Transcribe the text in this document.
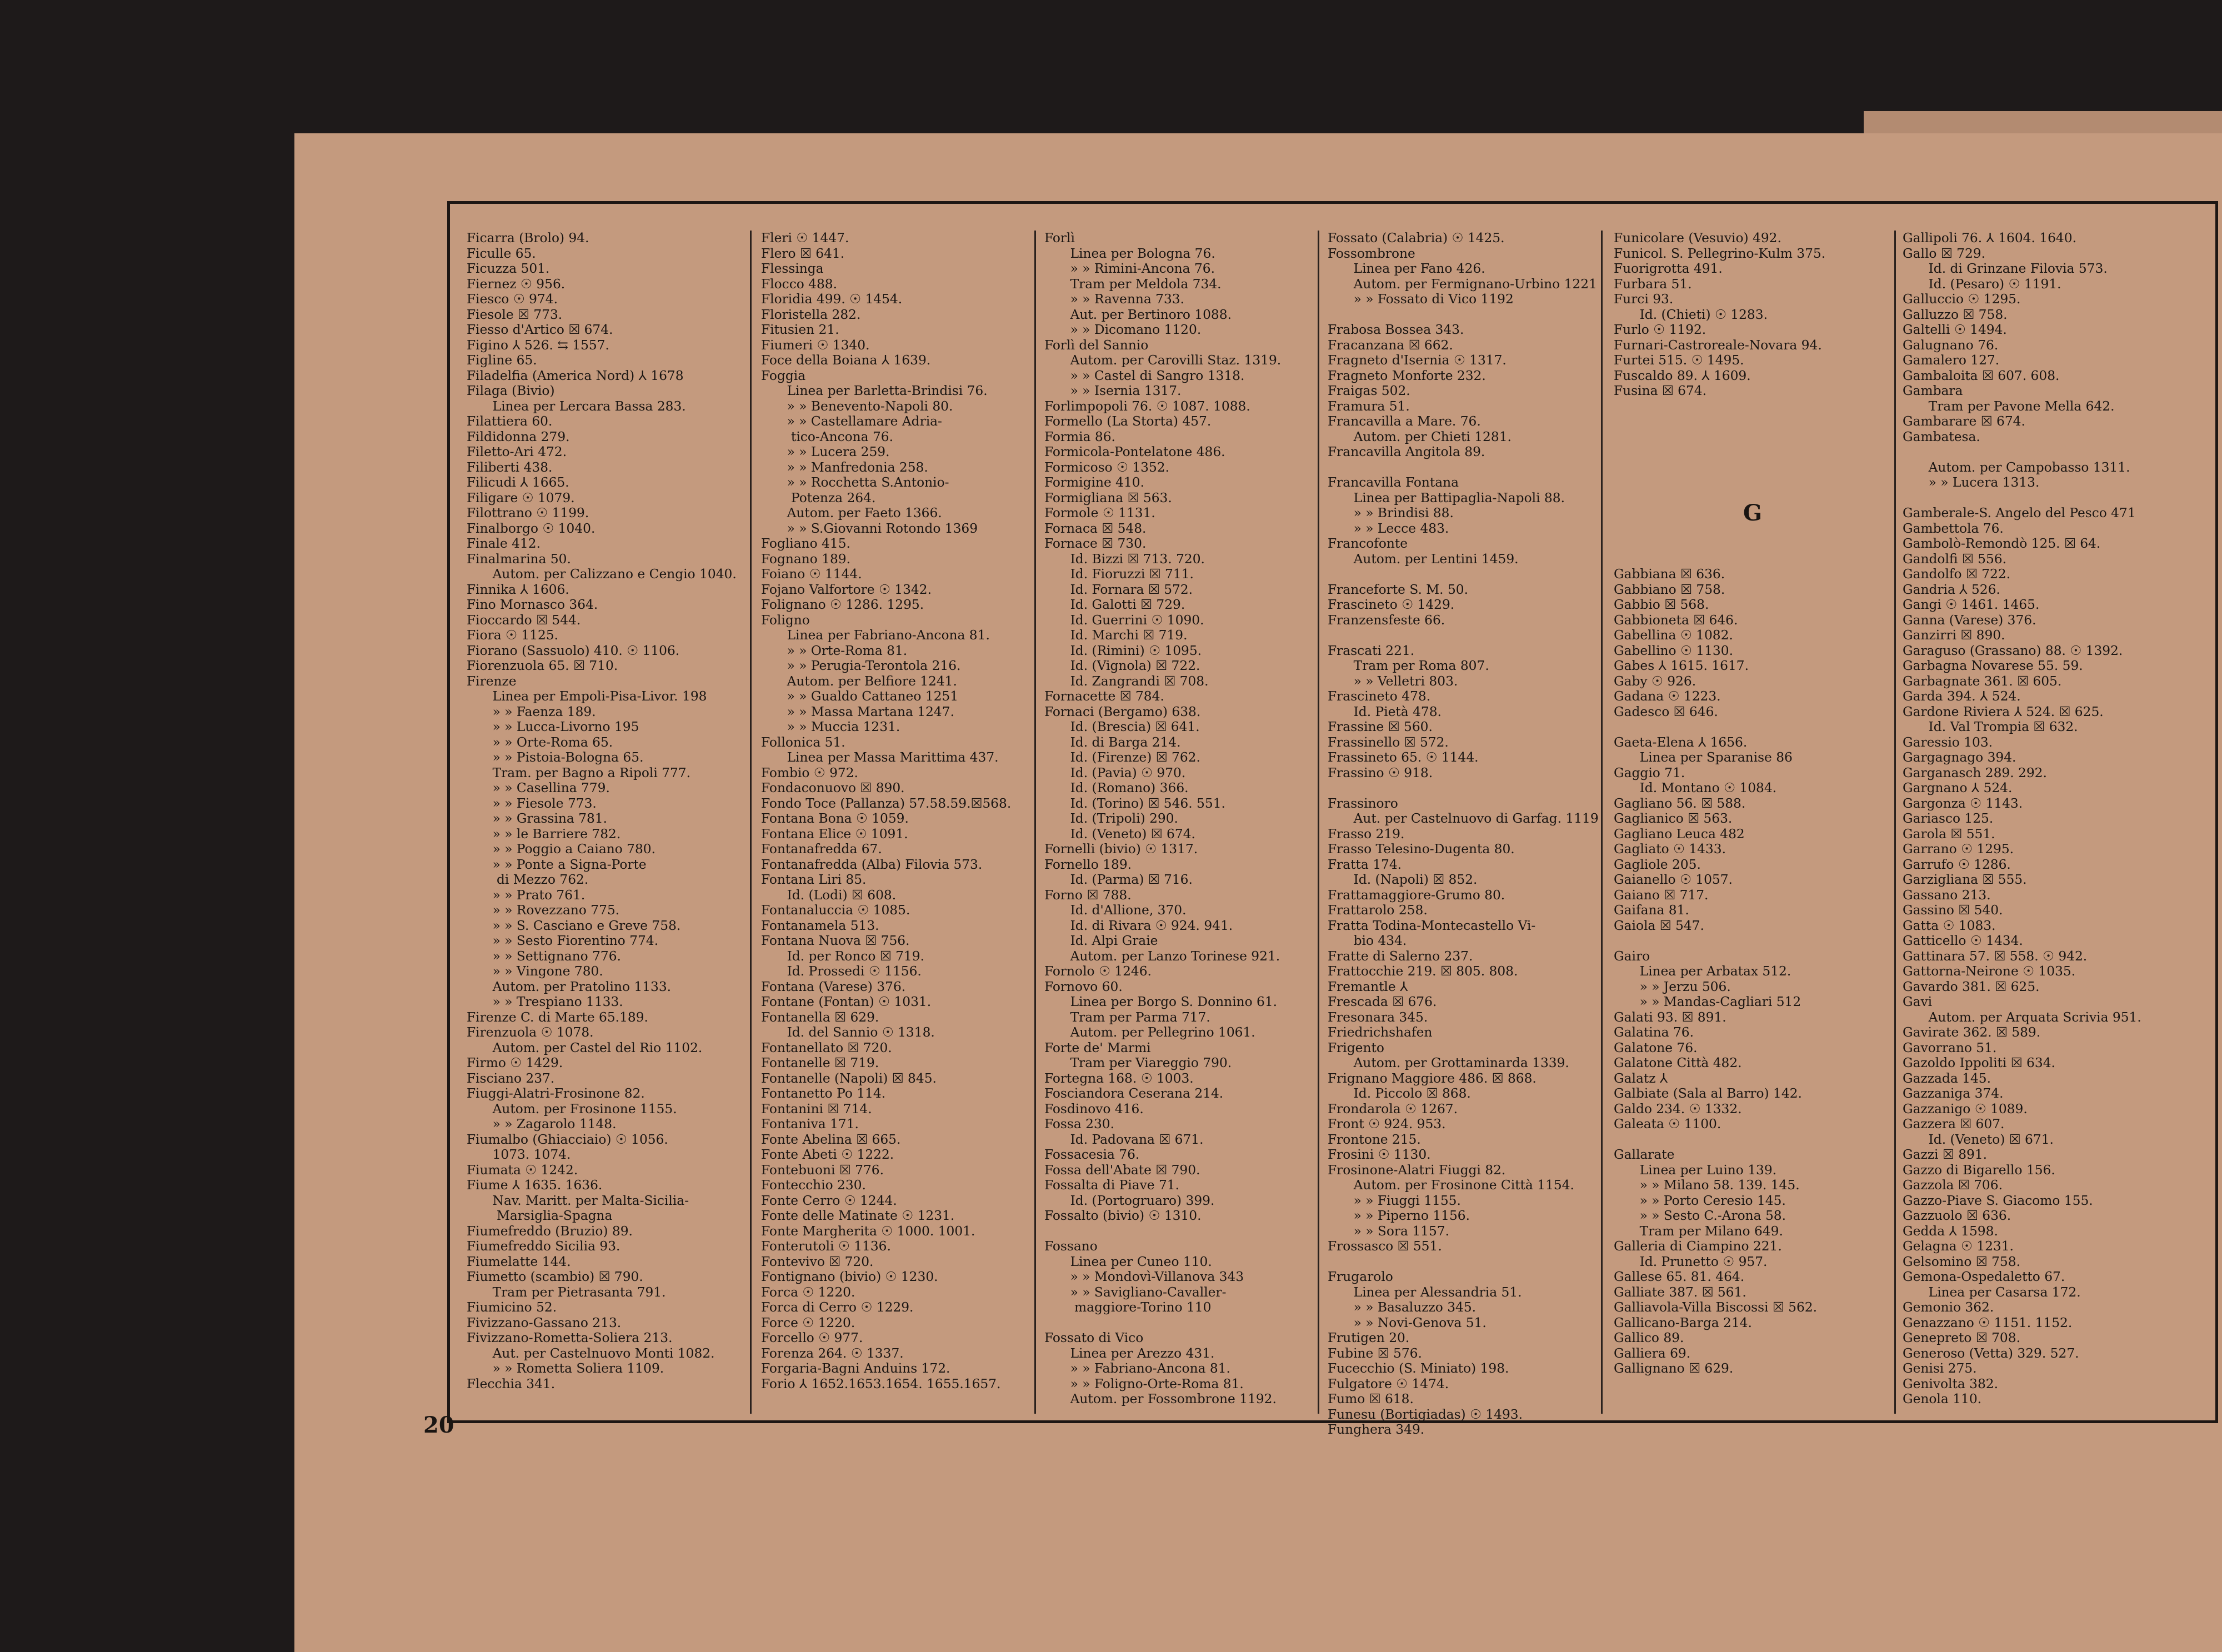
Ficarra (Brolo) 94.
Ficulle 65.
Ficuzza 501.
Fiernez ☉ 956.
Fiesco ☉ 974.
Fiesole ☒ 773.
Fiesso d'Artico ☒ 674.
Figino ⅄ 526. ⇆ 1557.
Figline 65.
Filadelfia (America Nord) ⅄ 1678
Filaga (Bivio)
  Linea per Lercara Bassa 283.
Filattiera 60.
Fildidonna 279.
Filetto-Ari 472.
Filiberti 438.
Filicudi ⅄ 1665.
Filigare ☉ 1079.
Filottrano ☉ 1199.
Finalborgo ☉ 1040.
Finale 412.
Finalmarina 50.
  Autom. per Calizzano e Cengio 1040.
Finnika ⅄ 1606.
Fino Mornasco 364.
Fioccardo ☒ 544.
Fiora ☉ 1125.
Fiorano (Sassuolo) 410. ☉ 1106.
Fiorenzuola 65. ☒ 710.
Firenze
  Linea per Empoli-Pisa-Livor. 198
  » » Faenza 189.
  » » Lucca-Livorno 195
  » » Orte-Roma 65.
  » » Pistoia-Bologna 65.
  Tram. per Bagno a Ripoli 777.
  » » Casellina 779.
  » » Fiesole 773.
  » » Grassina 781.
  » » le Barriere 782.
  » » Poggio a Caiano 780.
  » » Ponte a Signa-Porte
   di Mezzo 762.
  » » Prato 761.
  » » Rovezzano 775.
  » » S. Casciano e Greve 758.
  » » Sesto Fiorentino 774.
  » » Settignano 776.
  » » Vingone 780.
  Autom. per Pratolino 1133.
  » » Trespiano 1133.
Firenze C. di Marte 65.189.
Firenzuola ☉ 1078.
  Autom. per Castel del Rio 1102.
Firmo ☉ 1429.
Fisciano 237.
Fiuggi-Alatri-Frosinone 82.
  Autom. per Frosinone 1155.
  » » Zagarolo 1148.
Fiumalbo (Ghiacciaio) ☉ 1056.
  1073. 1074.
Fiumata ☉ 1242.
Fiume ⅄ 1635. 1636.
  Nav. Maritt. per Malta-Sicilia-
   Marsiglia-Spagna
Fiumefreddo (Bruzio) 89.
Fiumefreddo Sicilia 93.
Fiumelatte 144.
Fiumetto (scambio) ☒ 790.
  Tram per Pietrasanta 791.
Fiumicino 52.
Fivizzano-Gassano 213.
Fivizzano-Rometta-Soliera 213.
  Aut. per Castelnuovo Monti 1082.
  » » Rometta Soliera 1109.
Flecchia 341.
Fleri ☉ 1447.
Flero ☒ 641.
Flessinga
Flocco 488.
Floridia 499. ☉ 1454.
Floristella 282.
Fitusien 21.
Fiumeri ☉ 1340.
Foce della Boiana ⅄ 1639.
Foggia
  Linea per Barletta-Brindisi 76.
  » » Benevento-Napoli 80.
  » » Castellamare Adria-
   tico-Ancona 76.
  » » Lucera 259.
  » » Manfredonia 258.
  » » Rocchetta S.Antonio-
   Potenza 264.
  Autom. per Faeto 1366.
  » » S.Giovanni Rotondo 1369
Fogliano 415.
Fognano 189.
Foiano ☉ 1144.
Fojano Valfortore ☉ 1342.
Folignano ☉ 1286. 1295.
Foligno
  Linea per Fabriano-Ancona 81.
  » » Orte-Roma 81.
  » » Perugia-Terontola 216.
  Autom. per Belfiore 1241.
  » » Gualdo Cattaneo 1251
  » » Massa Martana 1247.
  » » Muccia 1231.
Follonica 51.
  Linea per Massa Marittima 437.
Fombio ☉ 972.
Fondaconuovo ☒ 890.
Fondo Toce (Pallanza) 57.58.59.☒568.
Fontana Bona ☉ 1059.
Fontana Elice ☉ 1091.
Fontanafredda 67.
Fontanafredda (Alba) Filovia 573.
Fontana Liri 85.
  Id. (Lodi) ☒ 608.
Fontanaluccia ☉ 1085.
Fontanamela 513.
Fontana Nuova ☒ 756.
  Id. per Ronco ☒ 719.
  Id. Prossedi ☉ 1156.
Fontana (Varese) 376.
Fontane (Fontan) ☉ 1031.
Fontanella ☒ 629.
  Id. del Sannio ☉ 1318.
Fontanellato ☒ 720.
Fontanelle ☒ 719.
Fontanelle (Napoli) ☒ 845.
Fontanetto Po 114.
Fontanini ☒ 714.
Fontaniva 171.
Fonte Abelina ☒ 665.
Fonte Abeti ☉ 1222.
Fontebuoni ☒ 776.
Fontecchio 230.
Fonte Cerro ☉ 1244.
Fonte delle Matinate ☉ 1231.
Fonte Margherita ☉ 1000. 1001.
Fonterutoli ☉ 1136.
Fontevivo ☒ 720.
Fontignano (bivio) ☉ 1230.
Forca ☉ 1220.
Forca di Cerro ☉ 1229.
Force ☉ 1220.
Forcello ☉ 977.
Forenza 264. ☉ 1337.
Forgaria-Bagni Anduins 172.
Forio ⅄ 1652.1653.1654. 1655.1657.
Forlì
  Linea per Bologna 76.
  » » Rimini-Ancona 76.
  Tram per Meldola 734.
  » » Ravenna 733.
  Aut. per Bertinoro 1088.
  » » Dicomano 1120.
Forlì del Sannio
  Autom. per Carovilli Staz. 1319.
  » » Castel di Sangro 1318.
  » » Isernia 1317.
Forlimpopoli 76. ☉ 1087. 1088.
Formello (La Storta) 457.
Formia 86.
Formicola-Pontelatone 486.
Formicoso ☉ 1352.
Formigine 410.
Formigliana ☒ 563.
Formole ☉ 1131.
Fornaca ☒ 548.
Fornace ☒ 730.
  Id. Bizzi ☒ 713. 720.
  Id. Fioruzzi ☒ 711.
  Id. Fornara ☒ 572.
  Id. Galotti ☒ 729.
  Id. Guerrini ☉ 1090.
  Id. Marchi ☒ 719.
  Id. (Rimini) ☉ 1095.
  Id. (Vignola) ☒ 722.
  Id. Zangrandi ☒ 708.
Fornacette ☒ 784.
Fornaci (Bergamo) 638.
  Id. (Brescia) ☒ 641.
  Id. di Barga 214.
  Id. (Firenze) ☒ 762.
  Id. (Pavia) ☉ 970.
  Id. (Romano) 366.
  Id. (Torino) ☒ 546. 551.
  Id. (Tripoli) 290.
  Id. (Veneto) ☒ 674.
Fornelli (bivio) ☉ 1317.
Fornello 189.
  Id. (Parma) ☒ 716.
Forno ☒ 788.
  Id. d'Allione, 370.
  Id. di Rivara ☉ 924. 941.
  Id. Alpi Graie
  Autom. per Lanzo Torinese 921.
Fornolo ☉ 1246.
Fornovo 60.
  Linea per Borgo S. Donnino 61.
  Tram per Parma 717.
  Autom. per Pellegrino 1061.
Forte de' Marmi
  Tram per Viareggio 790.
Fortegna 168. ☉ 1003.
Fosciandora Ceserana 214.
Fosdinovo 416.
Fossa 230.
  Id. Padovana ☒ 671.
Fossacesia 76.
Fossa dell'Abate ☒ 790.
Fossalta di Piave 71.
  Id. (Portogruaro) 399.
Fossalto (bivio) ☉ 1310.
Fossano
  Linea per Cuneo 110.
  » » Mondovì-Villanova 343
  » » Savigliano-Cavaller-
   maggiore-Torino 110
Fossato di Vico
  Linea per Arezzo 431.
  » » Fabriano-Ancona 81.
  » » Foligno-Orte-Roma 81.
  Autom. per Fossombrone 1192.
Fossato (Calabria) ☉ 1425.
Fossombrone
  Linea per Fano 426.
  Autom. per Fermignano-Urbino 1221
  » » Fossato di Vico 1192
Frabosa Bossea 343.
Fracanzana ☒ 662.
Fragneto d'Isernia ☉ 1317.
Fragneto Monforte 232.
Fraigas 502.
Framura 51.
Francavilla a Mare. 76.
  Autom. per Chieti 1281.
Francavilla Angitola 89.
Francavilla Fontana
  Linea per Battipaglia-Napoli 88.
  » » Brindisi 88.
  » » Lecce 483.
Francofonte
  Autom. per Lentini 1459.
Franceforte S. M. 50.
Frascineto ☉ 1429.
Franzensfeste 66.
Frascati 221.
  Tram per Roma 807.
  » » Velletri 803.
Frascineto 478.
  Id. Pietà 478.
Frassine ☒ 560.
Frassinello ☒ 572.
Frassineto 65. ☉ 1144.
Frassino ☉ 918.
Frassinoro
  Aut. per Castelnuovo di Garfag. 1119
Frasso 219.
Frasso Telesino-Dugenta 80.
Fratta 174.
  Id. (Napoli) ☒ 852.
Frattamaggiore-Grumo 80.
Frattarolo 258.
Fratta Todina-Montecastello Vi-
  bio 434.
Fratte di Salerno 237.
Frattocchie 219. ☒ 805. 808.
Fremantle ⅄
Frescada ☒ 676.
Fresonara 345.
Friedrichshafen
Frigento
  Autom. per Grottaminarda 1339.
Frignano Maggiore 486. ☒ 868.
  Id. Piccolo ☒ 868.
Frondarola ☉ 1267.
Front ☉ 924. 953.
Frontone 215.
Frosini ☉ 1130.
Frosinone-Alatri Fiuggi 82.
  Autom. per Frosinone Città 1154.
  » » Fiuggi 1155.
  » » Piperno 1156.
  » » Sora 1157.
Frossasco ☒ 551.
Frugarolo
  Linea per Alessandria 51.
  » » Basaluzzo 345.
  » » Novi-Genova 51.
Frutigen 20.
Fubine ☒ 576.
Fucecchio (S. Miniato) 198.
Fulgatore ☉ 1474.
Fumo ☒ 618.
Funesu (Bortigiadas) ☉ 1493.
Funghera 349.
Funicolare (Vesuvio) 492.
Funicol. S. Pellegrino-Kulm 375.
Fuorigrotta 491.
Furbara 51.
Furci 93.
  Id. (Chieti) ☉ 1283.
Furlo ☉ 1192.
Furnari-Castroreale-Novara 94.
Furtei 515. ☉ 1495.
Fuscaldo 89. ⅄ 1609.
Fusina ☒ 674.
G
Gabbiana ☒ 636.
Gabbiano ☒ 758.
Gabbio ☒ 568.
Gabbioneta ☒ 646.
Gabellina ☉ 1082.
Gabellino ☉ 1130.
Gabes ⅄ 1615. 1617.
Gaby ☉ 926.
Gadana ☉ 1223.
Gadesco ☒ 646.
Gaeta-Elena ⅄ 1656.
  Linea per Sparanise 86
Gaggio 71.
  Id. Montano ☉ 1084.
Gagliano 56. ☒ 588.
Gaglianico ☒ 563.
Gagliano Leuca 482
Gagliato ☉ 1433.
Gagliole 205.
Gaianello ☉ 1057.
Gaiano ☒ 717.
Gaifana 81.
Gaiola ☒ 547.
Gairo
  Linea per Arbatax 512.
  » » Jerzu 506.
  » » Mandas-Cagliari 512
Galati 93. ☒ 891.
Galatina 76.
Galatone 76.
Galatone Città 482.
Galatz ⅄
Galbiate (Sala al Barro) 142.
Galdo 234. ☉ 1332.
Galeata ☉ 1100.
Gallarate
  Linea per Luino 139.
  » » Milano 58. 139. 145.
  » » Porto Ceresio 145.
  » » Sesto C.-Arona 58.
  Tram per Milano 649.
Galleria di Ciampino 221.
  Id. Prunetto ☉ 957.
Gallese 65. 81. 464.
Galliate 387. ☒ 561.
Galliavola-Villa Biscossi ☒ 562.
Gallicano-Barga 214.
Gallico 89.
Galliera 69.
Gallignano ☒ 629.
Gallipoli 76. ⅄ 1604. 1640.
Gallo ☒ 729.
  Id. di Grinzane Filovia 573.
  Id. (Pesaro) ☉ 1191.
Galluccio ☉ 1295.
Galluzzo ☒ 758.
Galtelli ☉ 1494.
Galugnano 76.
Gamalero 127.
Gambaloita ☒ 607. 608.
Gambara
  Tram per Pavone Mella 642.
Gambarare ☒ 674.
Gambatesa.
  Autom. per Campobasso 1311.
  » » Lucera 1313.
Gamberale-S. Angelo del Pesco 471
Gambettola 76.
Gambolò-Remondò 125. ☒ 64.
Gandolfi ☒ 556.
Gandolfo ☒ 722.
Gandria ⅄ 526.
Gangi ☉ 1461. 1465.
Ganna (Varese) 376.
Ganzirri ☒ 890.
Garaguso (Grassano) 88. ☉ 1392.
Garbagna Novarese 55. 59.
Garbagnate 361. ☒ 605.
Garda 394. ⅄ 524.
Gardone Riviera ⅄ 524. ☒ 625.
  Id. Val Trompia ☒ 632.
Garessio 103.
Gargagnago 394.
Garganasch 289. 292.
Gargnano ⅄ 524.
Gargonza ☉ 1143.
Gariasco 125.
Garola ☒ 551.
Garrano ☉ 1295.
Garrufo ☉ 1286.
Garzigliana ☒ 555.
Gassano 213.
Gassino ☒ 540.
Gatta ☉ 1083.
Gatticello ☉ 1434.
Gattinara 57. ☒ 558. ☉ 942.
Gattorna-Neirone ☉ 1035.
Gavardo 381. ☒ 625.
Gavi
  Autom. per Arquata Scrivia 951.
Gavirate 362. ☒ 589.
Gavorrano 51.
Gazoldo Ippoliti ☒ 634.
Gazzada 145.
Gazzaniga 374.
Gazzanigo ☉ 1089.
Gazzera ☒ 607.
  Id. (Veneto) ☒ 671.
Gazzi ☒ 891.
Gazzo di Bigarello 156.
Gazzola ☒ 706.
Gazzo-Piave S. Giacomo 155.
Gazzuolo ☒ 636.
Gedda ⅄ 1598.
Gelagna ☉ 1231.
Gelsomino ☒ 758.
Gemona-Ospedaletto 67.
  Linea per Casarsa 172.
Gemonio 362.
Genazzano ☉ 1151. 1152.
Genepreto ☒ 708.
Generoso (Vetta) 329. 527.
Genisi 275.
Genivolta 382.
Genola 110.
20
